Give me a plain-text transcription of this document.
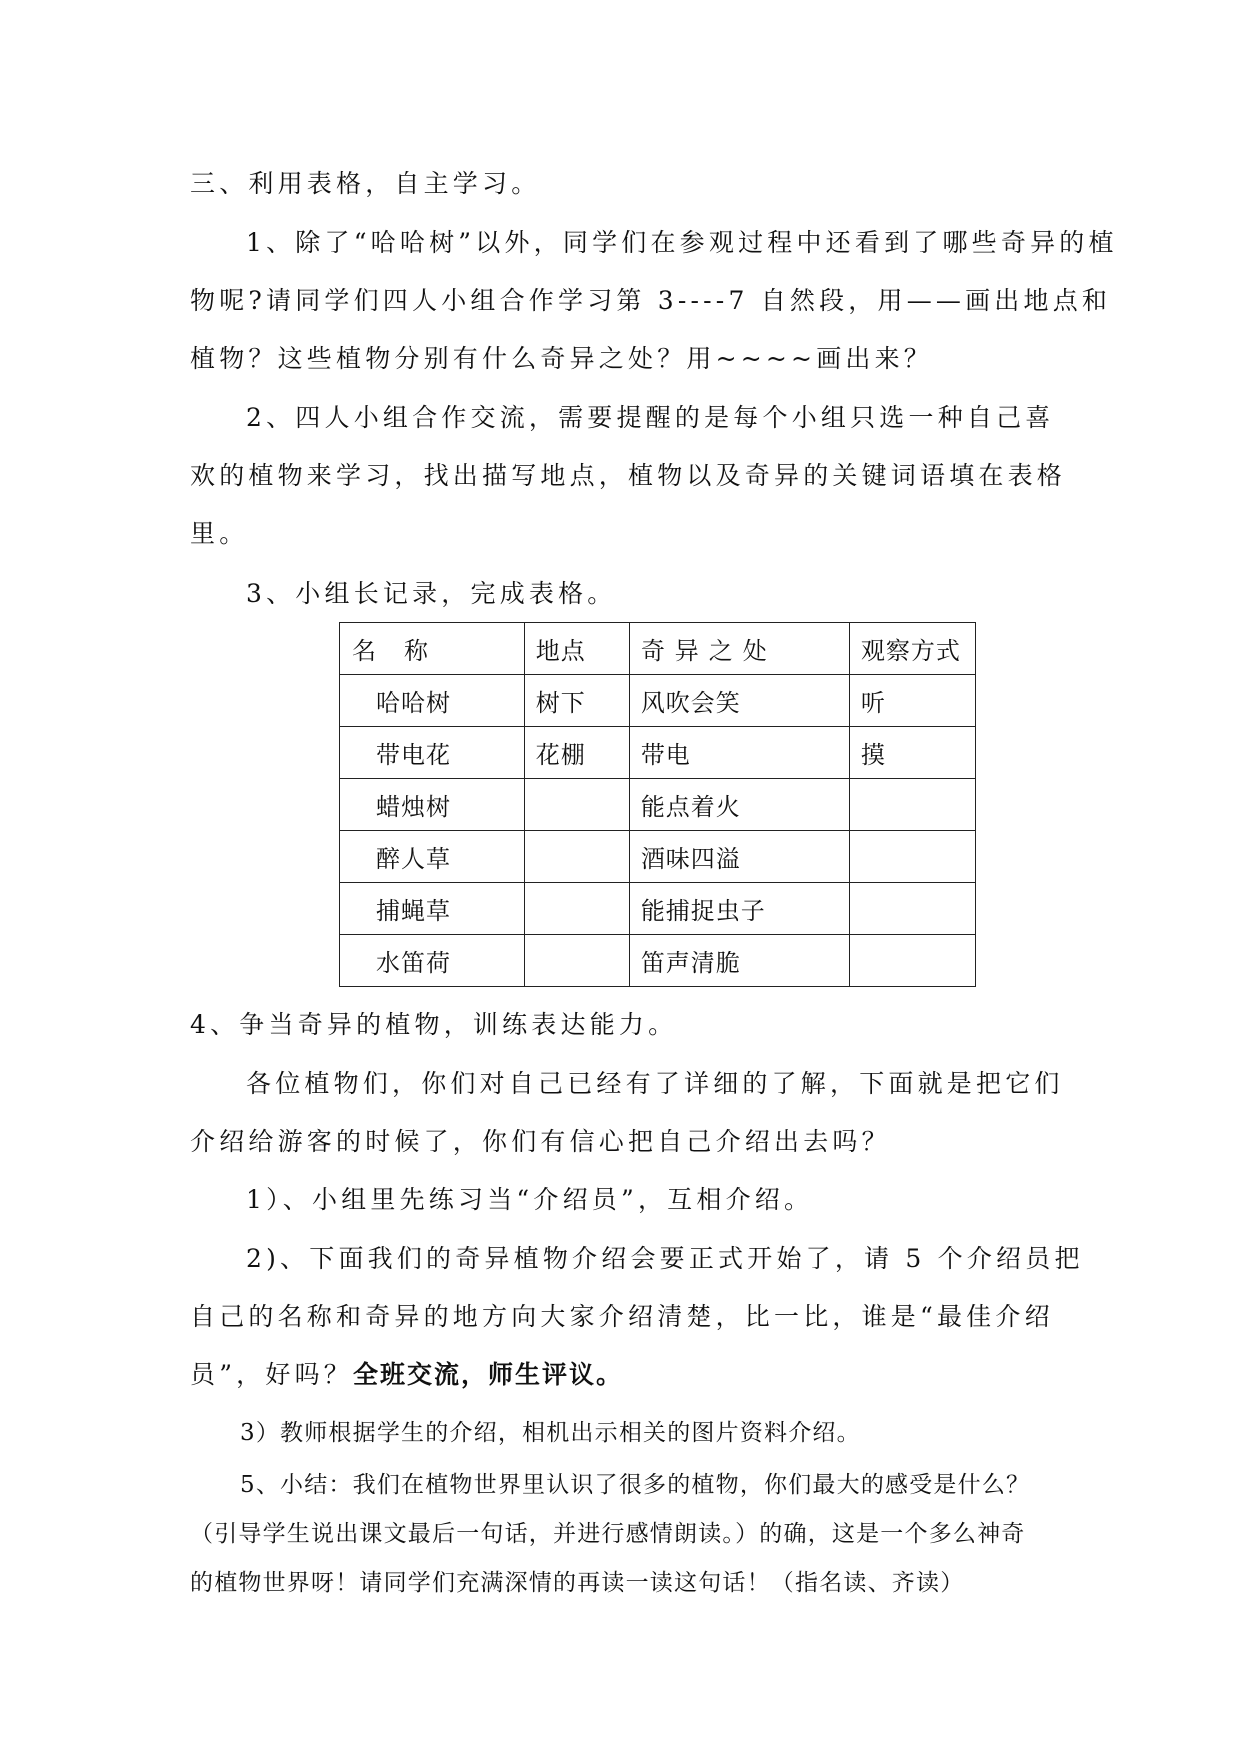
三、利用表格，自主学习。
1、除了“哈哈树”以外，同学们在参观过程中还看到了哪些奇异的植
物呢?请同学们四人小组合作学习第 3----7 自然段，用——画出地点和
植物？这些植物分别有什么奇异之处？用~~~~画出来？
2、四人小组合作交流，需要提醒的是每个小组只选一种自己喜
欢的植物来学习，找出描写地点，植物以及奇异的关键词语填在表格
里。
3、小组长记录，完成表格。
名称	地点	奇异之处	观察方式
哈哈树	树下	风吹会笑	听
带电花	花棚	带电	摸
蜡烛树		能点着火	
醉人草		酒味四溢	
捕蝇草		能捕捉虫子	
水笛荷		笛声清脆	
4、争当奇异的植物，训练表达能力。
各位植物们，你们对自己已经有了详细的了解，下面就是把它们
介绍给游客的时候了，你们有信心把自己介绍出去吗？
1）、小组里先练习当“介绍员”，互相介绍。
2)、下面我们的奇异植物介绍会要正式开始了，请 5 个介绍员把
自己的名称和奇异的地方向大家介绍清楚，比一比，谁是“最佳介绍
员”，好吗？全班交流，师生评议。
3）教师根据学生的介绍，相机出示相关的图片资料介绍。
5、小结：我们在植物世界里认识了很多的植物，你们最大的感受是什么？
（引导学生说出课文最后一句话，并进行感情朗读。）的确，这是一个多么神奇
的植物世界呀！请同学们充满深情的再读一读这句话！（指名读、齐读）
